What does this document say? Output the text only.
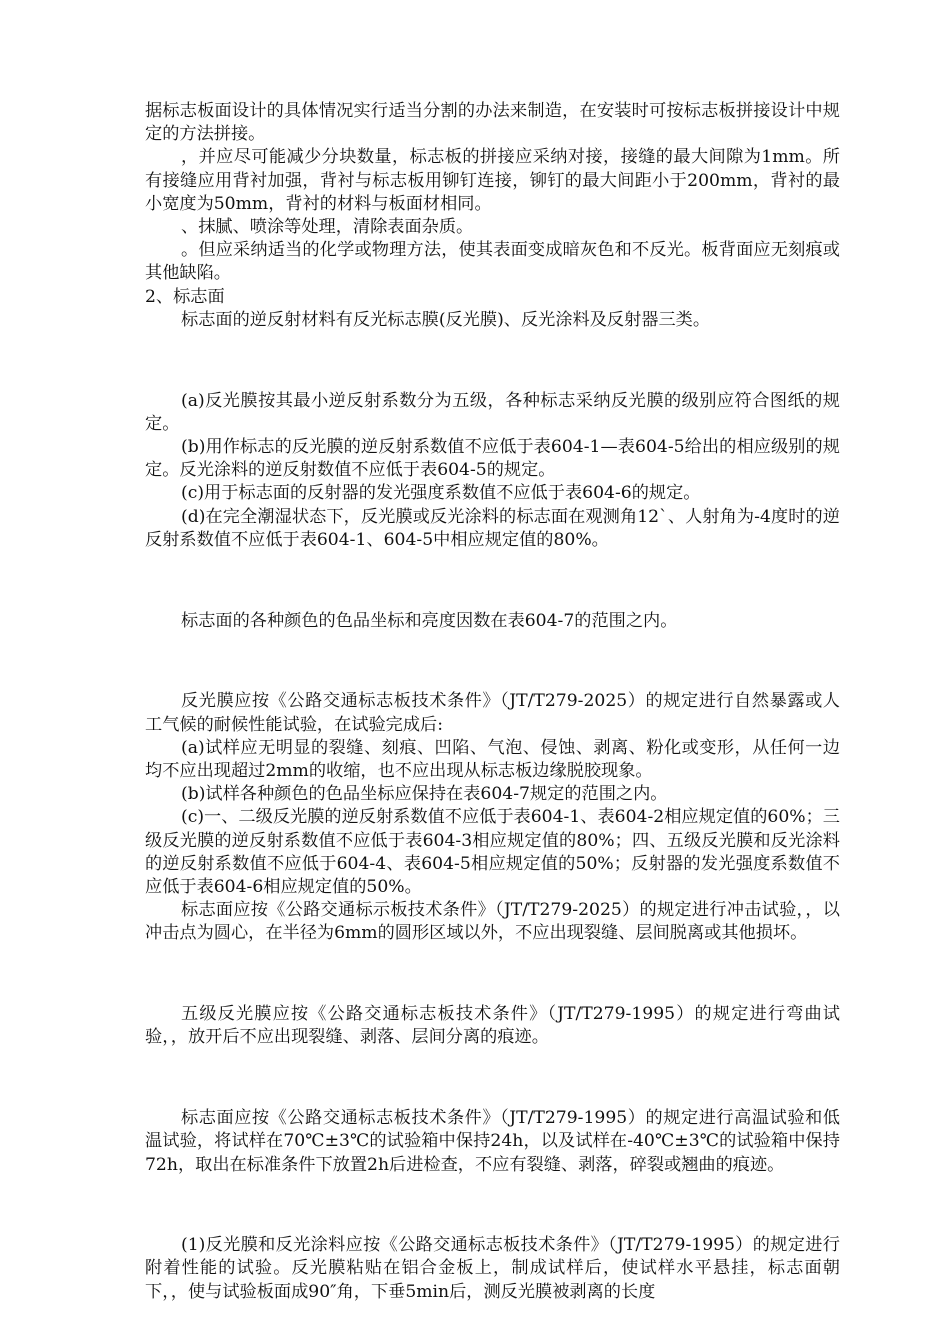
据标志板面设计的具体情况实行适当分割的办法来制造，在安装时可按标志板拼接设计中规定的方法拼接。

，并应尽可能减少分块数量，标志板的拼接应采纳对接，接缝的最大间隙为1mm。所有接缝应用背衬加强，背衬与标志板用铆钉连接，铆钉的最大间距小于200mm，背衬的最小宽度为50mm，背衬的材料与板面材相同。

、抹腻、喷涂等处理，清除表面杂质。

。但应采纳适当的化学或物理方法，使其表面变成暗灰色和不反光。板背面应无刻痕或其他缺陷。

2、标志面

标志面的逆反射材料有反光标志膜(反光膜)、反光涂料及反射器三类。

(a)反光膜按其最小逆反射系数分为五级，各种标志采纳反光膜的级别应符合图纸的规定。

(b)用作标志的反光膜的逆反射系数值不应低于表604-1—表604-5给出的相应级别的规定。反光涂料的逆反射数值不应低于表604-5的规定。

(c)用于标志面的反射器的发光强度系数值不应低于表604-6的规定。

(d)在完全潮湿状态下，反光膜或反光涂料的标志面在观测角12ˋ、人射角为-4度时的逆反射系数值不应低于表604-1、604-5中相应规定值的80%。

标志面的各种颜色的色品坐标和亮度因数在表604-7的范围之内。

反光膜应按《公路交通标志板技术条件》（JT/T279-2025）的规定进行自然暴露或人工气候的耐候性能试验，在试验完成后:

(a)试样应无明显的裂缝、刻痕、凹陷、气泡、侵蚀、剥离、粉化或变形，从任何一边均不应出现超过2mm的收缩，也不应出现从标志板边缘脱胶现象。

(b)试样各种颜色的色品坐标应保持在表604-7规定的范围之内。

(c)一、二级反光膜的逆反射系数值不应低于表604-1、表604-2相应规定值的60%；三级反光膜的逆反射系数值不应低于表604-3相应规定值的80%；四、五级反光膜和反光涂料的逆反射系数值不应低于604-4、表604-5相应规定值的50%；反射器的发光强度系数值不应低于表604-6相应规定值的50%。

标志面应按《公路交通标示板技术条件》（JT/T279-2025）的规定进行冲击试验，，以冲击点为圆心，在半径为6mm的圆形区域以外，不应出现裂缝、层间脱离或其他损坏。

五级反光膜应按《公路交通标志板技术条件》（JT/T279-1995）的规定进行弯曲试验，，放开后不应出现裂缝、剥落、层间分离的痕迹。

标志面应按《公路交通标志板技术条件》（JT/T279-1995）的规定进行高温试验和低温试验，将试样在70℃±3℃的试验箱中保持24h，以及试样在-40℃±3℃的试验箱中保持72h，取出在标准条件下放置2h后进检查，不应有裂缝、剥落，碎裂或翘曲的痕迹。

(1)反光膜和反光涂料应按《公路交通标志板技术条件》（JT/T279-1995）的规定进行附着性能的试验。反光膜粘贴在铝合金板上，制成试样后，使试样水平悬挂，标志面朝下，，使与试验板面成90″角，下垂5min后，测反光膜被剥离的长度
